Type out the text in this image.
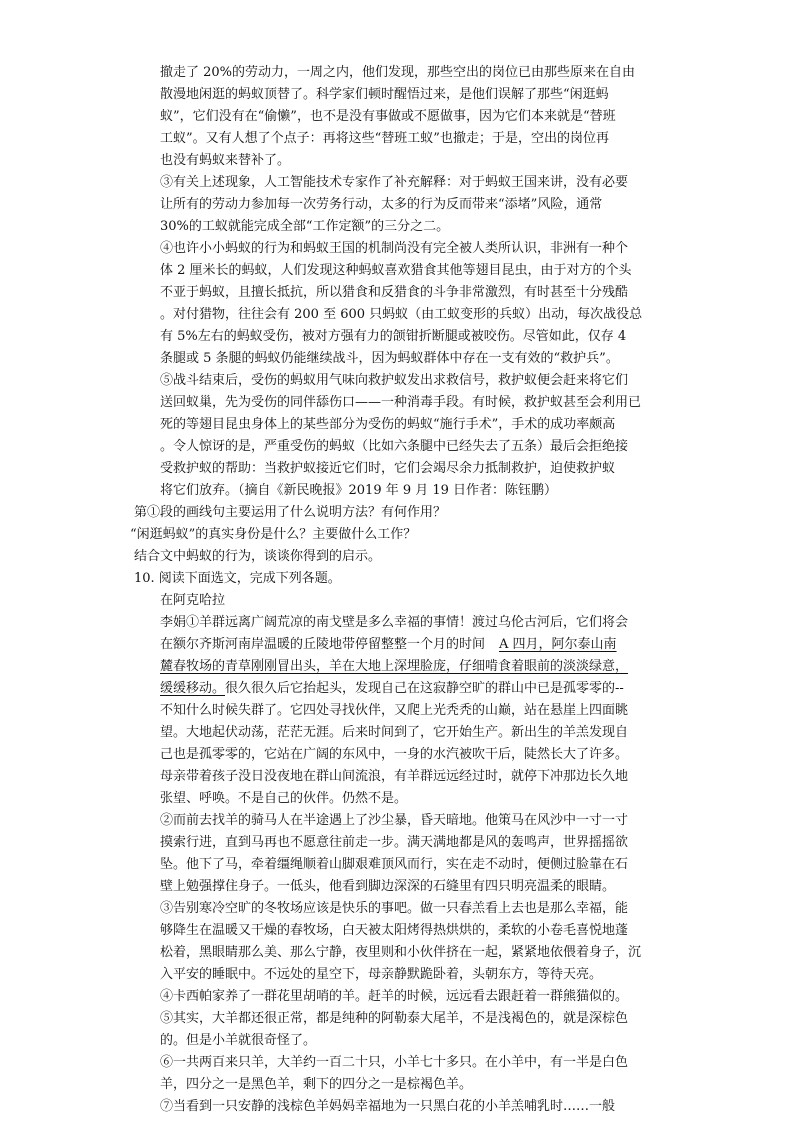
撤走了 20%的劳动力，一周之内，他们发现，那些空出的岗位已由那些原来在自由

散漫地闲逛的蚂蚁顶替了。科学家们顿时醒悟过来，是他们误解了那些“闲逛蚂

蚁”，它们没有在“偷懒”，也不是没有事做或不愿做事，因为它们本来就是“替班

工蚁”。又有人想了个点子：再将这些“替班工蚁”也撤走；于是，空出的岗位再

也没有蚂蚁来替补了。

③有关上述现象，人工智能技术专家作了补充解释：对于蚂蚁王国来讲，没有必要

让所有的劳动力参加每一次劳务行动，太多的行为反而带来“添堵”风险，通常

30%的工蚁就能完成全部“工作定额”的三分之二。

④也许小小蚂蚁的行为和蚂蚁王国的机制尚没有完全被人类所认识，非洲有一种个

体 2 厘米长的蚂蚁，人们发现这种蚂蚁喜欢猎食其他等翅目昆虫，由于对方的个头

不亚于蚂蚁，且擅长抵抗，所以猎食和反猎食的斗争非常激烈，有时甚至十分残酷

。对付猎物，往往会有 200 至 600 只蚂蚁（由工蚁变形的兵蚁）出动，每次战役总

有 5%左右的蚂蚁受伤，被对方强有力的颌钳折断腿或被咬伤。尽管如此，仅存 4

条腿或 5 条腿的蚂蚁仍能继续战斗，因为蚂蚁群体中存在一支有效的“救护兵”。

⑤战斗结束后，受伤的蚂蚁用气味向救护蚁发出求救信号，救护蚁便会赶来将它们

送回蚁巢，先为受伤的同伴舔伤口——一种消毒手段。有时候，救护蚁甚至会利用已

死的等翅目昆虫身体上的某些部分为受伤的蚂蚁“施行手术”，手术的成功率颇高

。令人惊讶的是，严重受伤的蚂蚁（比如六条腿中已经失去了五条）最后会拒绝接

受救护蚁的帮助：当救护蚁接近它们时，它们会竭尽余力抵制救护，迫使救护蚁

将它们放弃。（摘自《新民晚报》2019 年 9 月 19 日作者：陈钰鹏）

第①段的画线句主要运用了什么说明方法？有何作用？

“闲逛蚂蚁”的真实身份是什么？主要做什么工作？

结合文中蚂蚁的行为，谈谈你得到的启示。

10. 阅读下面选文，完成下列各题。

在阿克哈拉

李娟①羊群远离广阔荒凉的南戈壁是多么幸福的事情！渡过乌伦古河后，它们将会

在额尔齐斯河南岸温暖的丘陵地带停留整整一个月的时间 A 四月，阿尔泰山南

麓春牧场的青草刚刚冒出头，羊在大地上深埋脸庞，仔细啃食着眼前的淡淡绿意，

缓缓移动。很久很久后它抬起头，发现自己在这寂静空旷的群山中已是孤零零的--

不知什么时候失群了。它四处寻找伙伴，又爬上光秃秃的山巅，站在悬崖上四面眺

望。大地起伏动荡，茫茫无涯。后来时间到了，它开始生产。新出生的羊羔发现自

己也是孤零零的，它站在广阔的东风中，一身的水汽被吹干后，陡然长大了许多。

母亲带着孩子没日没夜地在群山间流浪，有羊群远远经过时，就停下冲那边长久地

张望、呼唤。不是自己的伙伴。仍然不是。

②而前去找羊的骑马人在半途遇上了沙尘暴，昏天暗地。他策马在风沙中一寸一寸

摸索行进，直到马再也不愿意往前走一步。满天满地都是风的轰鸣声，世界摇摇欲

坠。他下了马，牵着缰绳顺着山脚艰难顶风而行，实在走不动时，便侧过脸靠在石

壁上勉强撑住身子。一低头，他看到脚边深深的石缝里有四只明亮温柔的眼睛。

③告别寒冷空旷的冬牧场应该是快乐的事吧。做一只春羔看上去也是那么幸福，能

够降生在温暖又干燥的春牧场，白天被太阳烤得热烘烘的，柔软的小卷毛喜悦地蓬

松着，黑眼睛那么美、那么宁静，夜里则和小伙伴挤在一起，紧紧地依偎着身子，沉

入平安的睡眠中。不远处的星空下，母亲静默跪卧着，头朝东方，等待天亮。

④卡西帕家养了一群花里胡哨的羊。赶羊的时候，远远看去跟赶着一群熊猫似的。

⑤其实，大羊都还很正常，都是纯种的阿勒泰大尾羊，不是浅褐色的，就是深棕色

的。但是小羊就很奇怪了。

⑥一共两百来只羊，大羊约一百二十只，小羊七十多只。在小羊中，有一半是白色

羊，四分之一是黑色羊，剩下的四分之一是棕褐色羊。

⑦当看到一只安静的浅棕色羊妈妈幸福地为一只黑白花的小羊羔哺乳时……一般
